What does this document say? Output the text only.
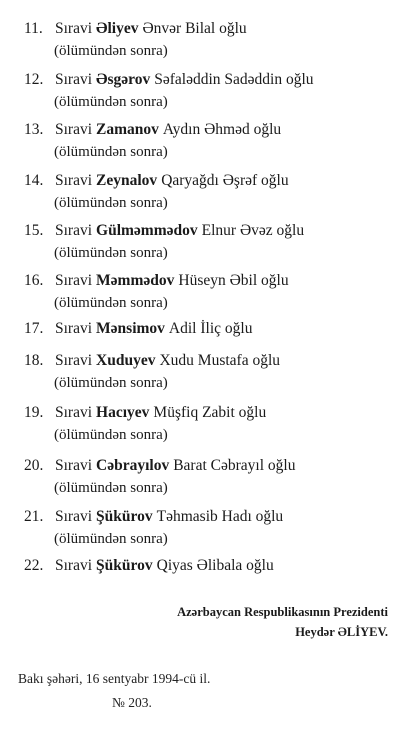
11. Sıravi Əliyev Ənvər Bilal oğlu
(ölümündən sonra)
12. Sıravi Əsgərov Səfaləddin Sadəddin oğlu
(ölümündən sonra)
13. Sıravi Zamanov Aydın Əhməd oğlu
(ölümündən sonra)
14. Sıravi Zeynalov Qaryağdı Əşrəf oğlu
(ölümündən sonra)
15. Sıravi Gülməmmədov Elnur Əvəz oğlu
(ölümündən sonra)
16. Sıravi Məmmədov Hüseyn Əbil oğlu
(ölümündən sonra)
17. Sıravi Mənsimov Adil İliç oğlu
18. Sıravi Xuduyev Xudu Mustafa oğlu
(ölümündən sonra)
19. Sıravi Hacıyev Müşfiq Zabit oğlu
(ölümündən sonra)
20. Sıravi Cəbrayılov Barat Cəbrayıl oğlu
(ölümündən sonra)
21. Sıravi Şükürov Təhmasib Hadı oğlu
(ölümündən sonra)
22. Sıravi Şükürov Qiyas Əlibala oğlu
Azərbaycan Respublikasının Prezidenti
Heydər ƏLİYEV.
Bakı şəhəri, 16 sentyabr 1994-cü il.
№ 203.
